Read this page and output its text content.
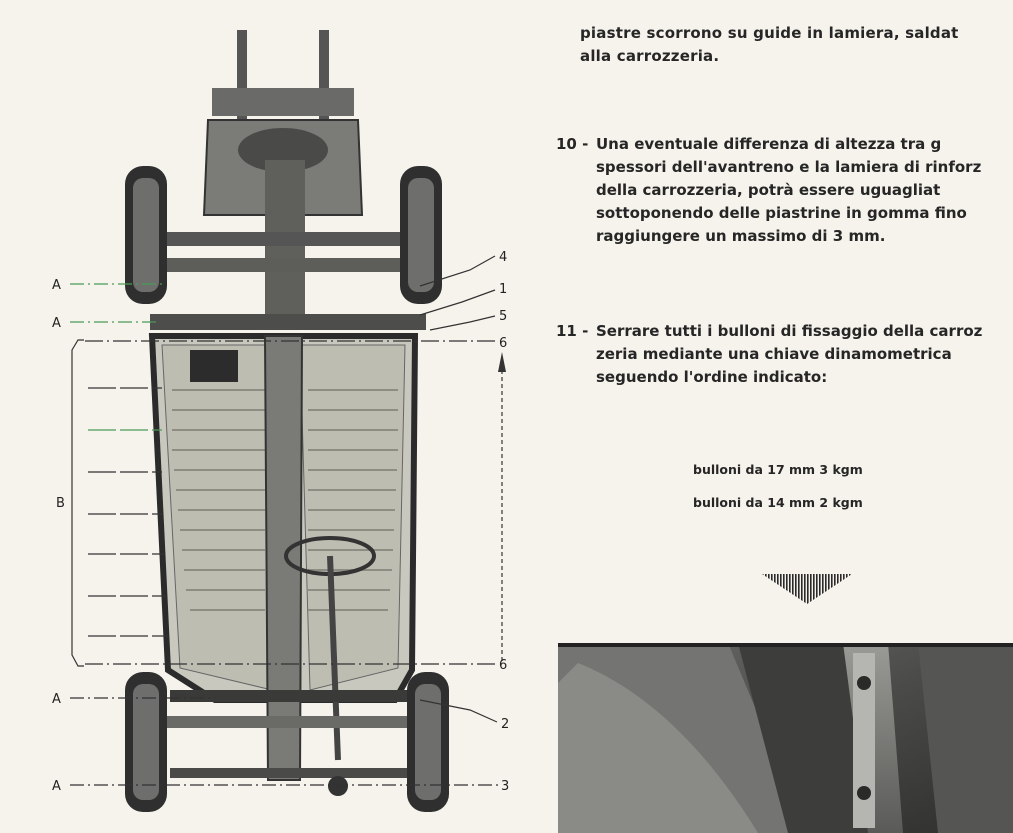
A
A
A
A
B
4
1
5
6
6
2
3
piastre scorrono su guide in lamiera, saldat
alla carrozzeria.
10 - Una eventuale differenza di altezza tra g
spessori dell'avantreno e la lamiera di rinforz
della carrozzeria, potrà essere uguagliat
sottoponendo delle piastrine in gomma fino
raggiungere un massimo di 3 mm.
11 - Serrare tutti i bulloni di fissaggio della carroz
zeria mediante una chiave dinamometrica
seguendo l'ordine indicato:
bulloni da 17 mm 3 kgm
bulloni da 14 mm 2 kgm
